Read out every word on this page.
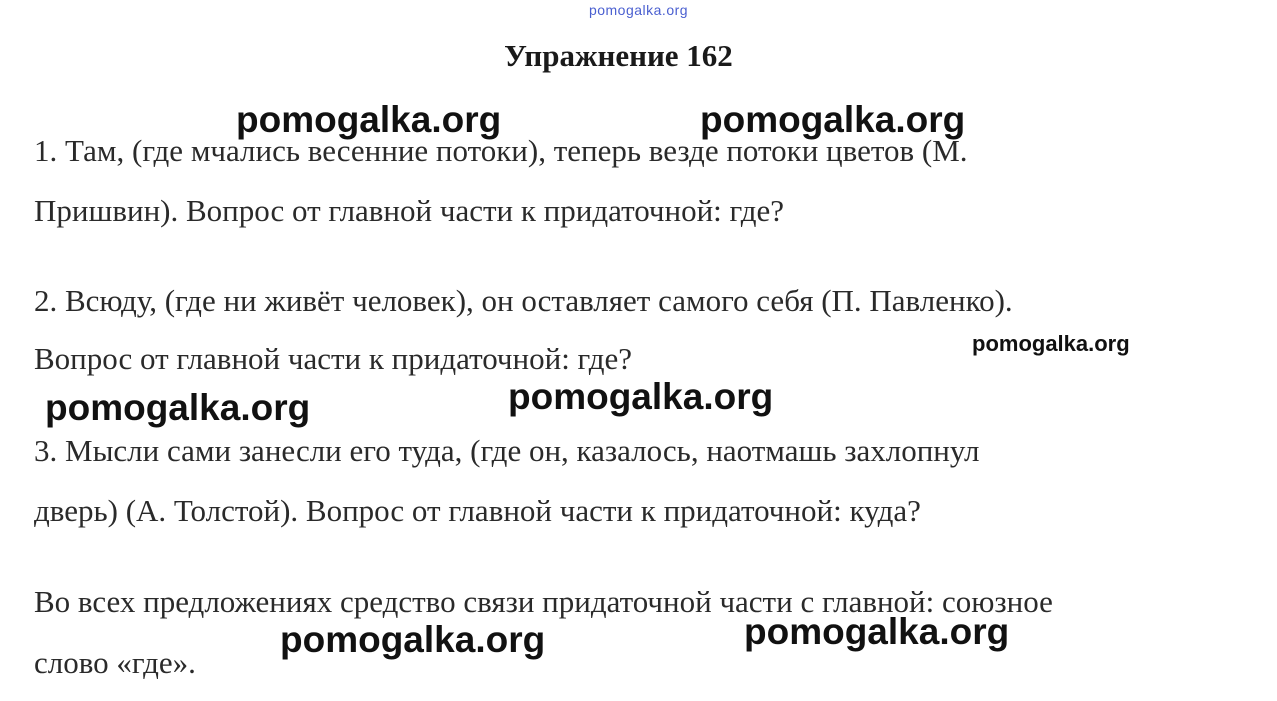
pomogalka.org
Упражнение 162
1. Там, (где мчались весенние потоки), теперь везде потоки цветов (М.
Пришвин). Вопрос от главной части к придаточной: где?
2. Всюду, (где ни живёт человек), он оставляет самого себя (П. Павленко).
Вопрос от главной части к придаточной: где?
3. Мысли сами занесли его туда, (где он, казалось, наотмашь захлопнул
дверь) (А. Толстой). Вопрос от главной части к придаточной: куда?
Во всех предложениях средство связи придаточной части с главной: союзное
слово «где».
pomogalka.org	pomogalka.org
pomogalka.org
pomogalka.org
pomogalka.org
pomogalka.org
pomogalka.org
